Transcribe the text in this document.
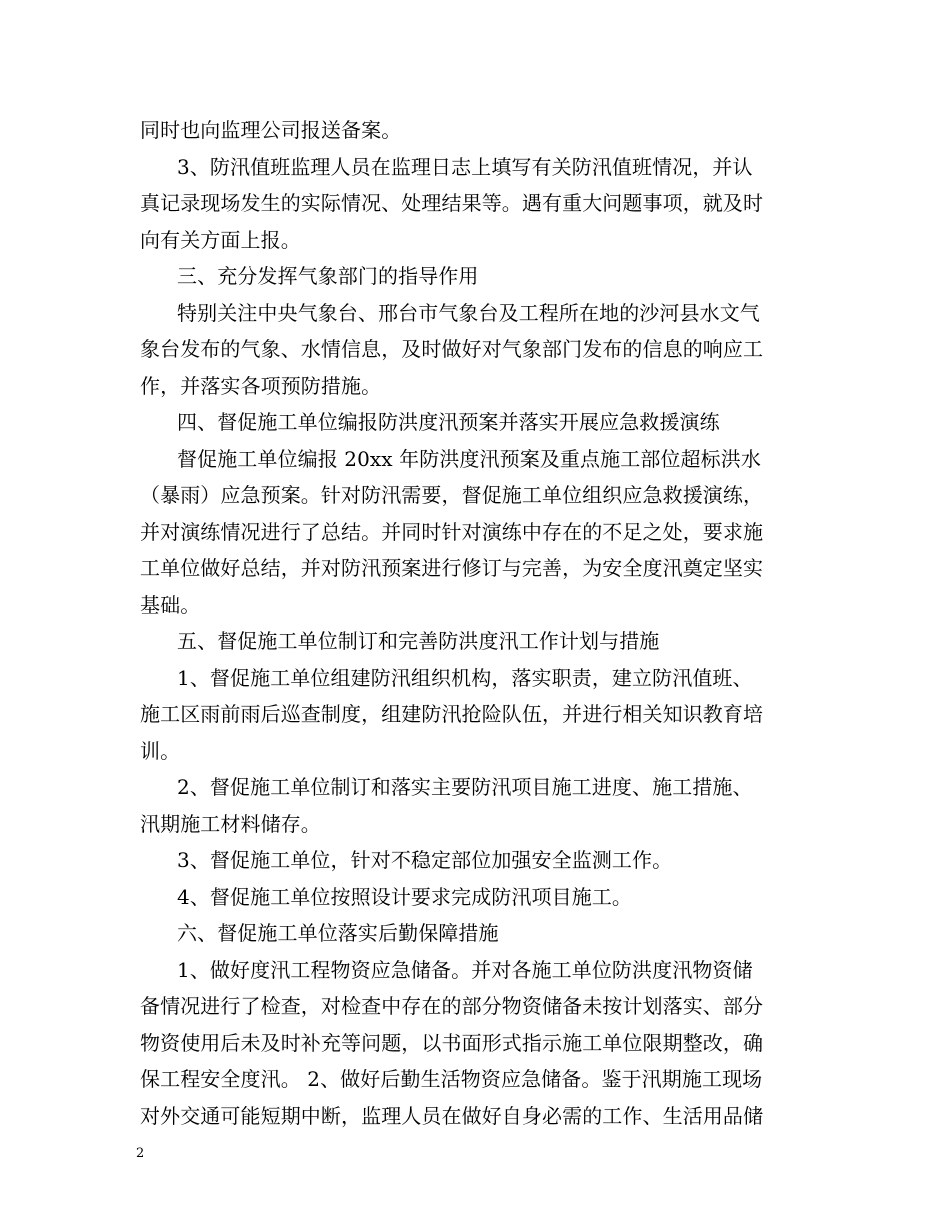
同时也向监理公司报送备案。
3、防汛值班监理人员在监理日志上填写有关防汛值班情况，并认
真记录现场发生的实际情况、处理结果等。遇有重大问题事项，就及时
向有关方面上报。
三、充分发挥气象部门的指导作用
特别关注中央气象台、邢台市气象台及工程所在地的沙河县水文气
象台发布的气象、水情信息，及时做好对气象部门发布的信息的响应工
作，并落实各项预防措施。
四、督促施工单位编报防洪度汛预案并落实开展应急救援演练
督促施工单位编报 20xx 年防洪度汛预案及重点施工部位超标洪水
（暴雨）应急预案。针对防汛需要，督促施工单位组织应急救援演练，
并对演练情况进行了总结。并同时针对演练中存在的不足之处，要求施
工单位做好总结，并对防汛预案进行修订与完善，为安全度汛奠定坚实
基础。
五、督促施工单位制订和完善防洪度汛工作计划与措施
1、督促施工单位组建防汛组织机构，落实职责，建立防汛值班、
施工区雨前雨后巡查制度，组建防汛抢险队伍，并进行相关知识教育培
训。
2、督促施工单位制订和落实主要防汛项目施工进度、施工措施、
汛期施工材料储存。
3、督促施工单位，针对不稳定部位加强安全监测工作。
4、督促施工单位按照设计要求完成防汛项目施工。
六、督促施工单位落实后勤保障措施
1、做好度汛工程物资应急储备。并对各施工单位防洪度汛物资储
备情况进行了检查，对检查中存在的部分物资储备未按计划落实、部分
物资使用后未及时补充等问题，以书面形式指示施工单位限期整改，确
保工程安全度汛。 2、做好后勤生活物资应急储备。鉴于汛期施工现场
对外交通可能短期中断，监理人员在做好自身必需的工作、生活用品储
2
